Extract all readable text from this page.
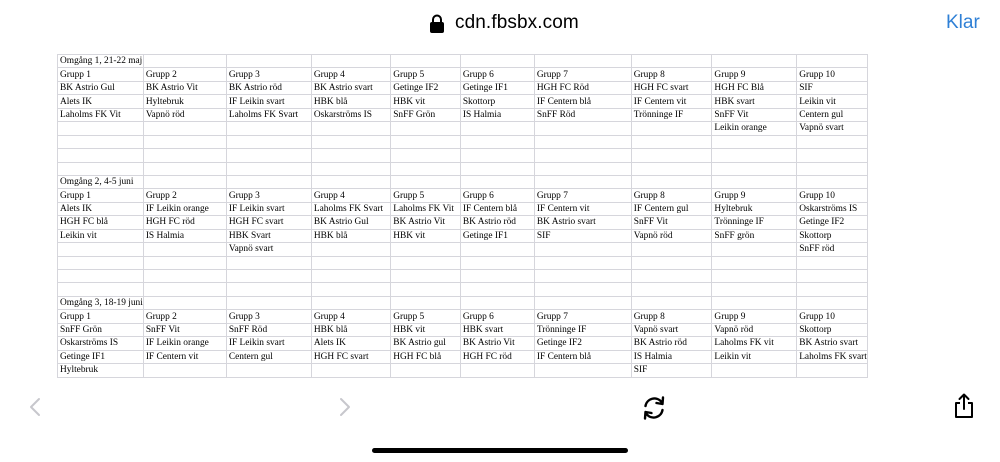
cdn.fbsbx.com	Klar
Omgång 1, 21-22 maj									
Grupp 1	Grupp 2	Grupp 3	Grupp 4	Grupp 5	Grupp 6	Grupp 7	Grupp 8	Grupp 9	Grupp 10
BK Astrio Gul	BK Astrio Vit	BK Astrio röd	BK Astrio svart	Getinge IF2	Getinge IF1	HGH FC Röd	HGH FC svart	HGH FC Blå	SIF
Alets IK	Hyltebruk	IF Leikin svart	HBK blå	HBK vit	Skottorp	IF Centern blå	IF Centern vit	HBK svart	Leikin vit
Laholms FK Vit	Vapnö röd	Laholms FK Svart	Oskarströms IS	SnFF Grön	IS Halmia	SnFF Röd	Trönninge IF	SnFF Vit	Centern gul
								Leikin orange	Vapnö svart

Omgång 2, 4-5 juni									
Grupp 1	Grupp 2	Grupp 3	Grupp 4	Grupp 5	Grupp 6	Grupp 7	Grupp 8	Grupp 9	Grupp 10
Alets IK	IF Leikin orange	IF Leikin svart	Laholms FK Svart	Laholms FK Vit	IF Centern blå	IF Centern vit	IF Centern gul	Hyltebruk	Oskarströms IS
HGH FC blå	HGH FC röd	HGH FC svart	BK Astrio Gul	BK Astrio Vit	BK Astrio röd	BK Astrio svart	SnFF Vit	Trönninge IF	Getinge IF2
Leikin vit	IS Halmia	HBK Svart	HBK blå	HBK vit	Getinge IF1	SIF	Vapnö röd	SnFF grön	Skottorp
		Vapnö svart							SnFF röd

Omgång 3, 18-19 juni									
Grupp 1	Grupp 2	Grupp 3	Grupp 4	Grupp 5	Grupp 6	Grupp 7	Grupp 8	Grupp 9	Grupp 10
SnFF Grön	SnFF Vit	SnFF Röd	HBK blå	HBK vit	HBK svart	Trönninge IF	Vapnö svart	Vapnö röd	Skottorp
Oskarströms IS	IF Leikin orange	IF Leikin svart	Alets IK	BK Astrio gul	BK Astrio Vit	Getinge IF2	BK Astrio röd	Laholms FK vit	BK Astrio svart
Getinge IF1	IF Centern vit	Centern gul	HGH FC svart	HGH FC blå	HGH FC röd	IF Centern blå	IS Halmia	Leikin vit	Laholms FK svart
Hyltebruk							SIF		
